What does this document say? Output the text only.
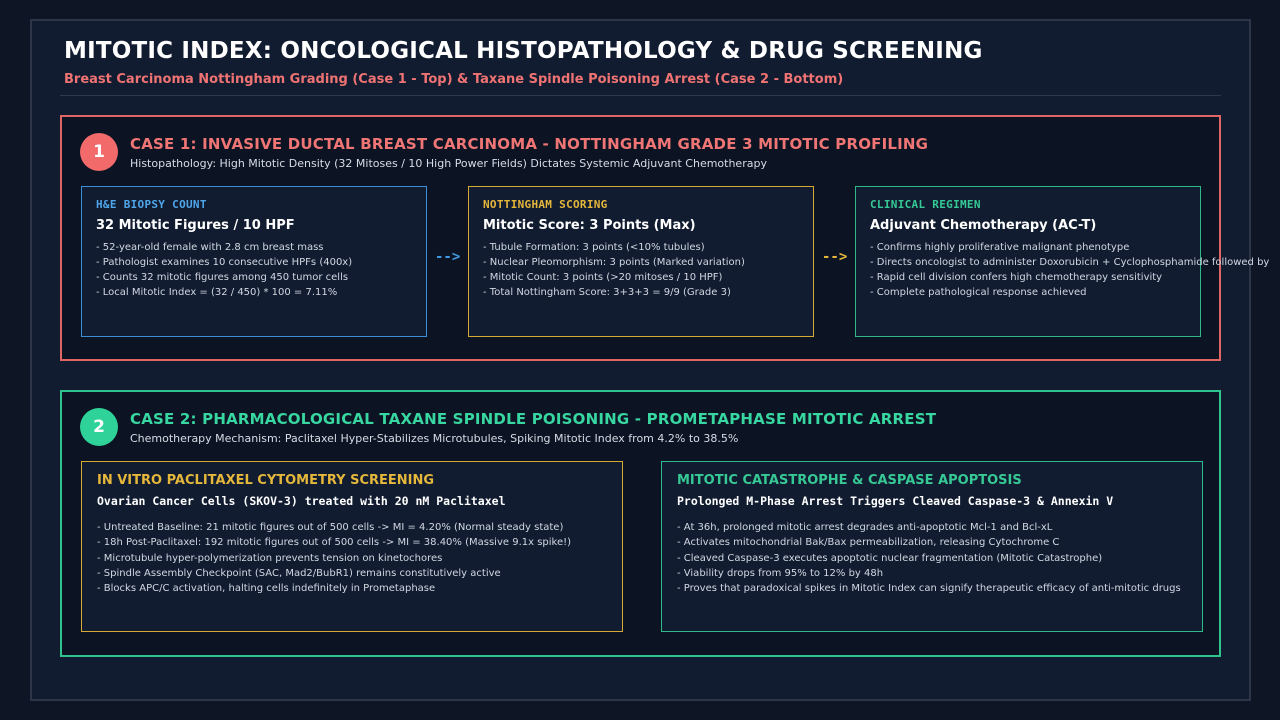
MITOTIC INDEX: ONCOLOGICAL HISTOPATHOLOGY & DRUG SCREENING
Breast Carcinoma Nottingham Grading (Case 1 - Top) & Taxane Spindle Poisoning Arrest (Case 2 - Bottom)
1	CASE 1: INVASIVE DUCTAL BREAST CARCINOMA - NOTTINGHAM GRADE 3 MITOTIC PROFILING
Histopathology: High Mitotic Density (32 Mitoses / 10 High Power Fields) Dictates Systemic Adjuvant Chemotherapy
H&E BIOPSY COUNT
32 Mitotic Figures / 10 HPF
- 52-year-old female with 2.8 cm breast mass
- Pathologist examines 10 consecutive HPFs (400x)
- Counts 32 mitotic figures among 450 tumor cells
- Local Mitotic Index = (32 / 450) * 100 = 7.11%
-->
NOTTINGHAM SCORING
Mitotic Score: 3 Points (Max)
- Tubule Formation: 3 points (<10% tubules)
- Nuclear Pleomorphism: 3 points (Marked variation)
- Mitotic Count: 3 points (>20 mitoses / 10 HPF)
- Total Nottingham Score: 3+3+3 = 9/9 (Grade 3)
-->
CLINICAL REGIMEN
Adjuvant Chemotherapy (AC-T)
- Confirms highly proliferative malignant phenotype
- Directs oncologist to administer Doxorubicin + Cyclophosphamide followed by
- Rapid cell division confers high chemotherapy sensitivity
- Complete pathological response achieved
2	CASE 2: PHARMACOLOGICAL TAXANE SPINDLE POISONING - PROMETAPHASE MITOTIC ARREST
Chemotherapy Mechanism: Paclitaxel Hyper-Stabilizes Microtubules, Spiking Mitotic Index from 4.2% to 38.5%
IN VITRO PACLITAXEL CYTOMETRY SCREENING
Ovarian Cancer Cells (SKOV-3) treated with 20 nM Paclitaxel
- Untreated Baseline: 21 mitotic figures out of 500 cells -> MI = 4.20% (Normal steady state)
- 18h Post-Paclitaxel: 192 mitotic figures out of 500 cells -> MI = 38.40% (Massive 9.1x spike!)
- Microtubule hyper-polymerization prevents tension on kinetochores
- Spindle Assembly Checkpoint (SAC, Mad2/BubR1) remains constitutively active
- Blocks APC/C activation, halting cells indefinitely in Prometaphase
MITOTIC CATASTROPHE & CASPASE APOPTOSIS
Prolonged M-Phase Arrest Triggers Cleaved Caspase-3 & Annexin V
- At 36h, prolonged mitotic arrest degrades anti-apoptotic Mcl-1 and Bcl-xL
- Activates mitochondrial Bak/Bax permeabilization, releasing Cytochrome C
- Cleaved Caspase-3 executes apoptotic nuclear fragmentation (Mitotic Catastrophe)
- Viability drops from 95% to 12% by 48h
- Proves that paradoxical spikes in Mitotic Index can signify therapeutic efficacy of anti-mitotic drugs
